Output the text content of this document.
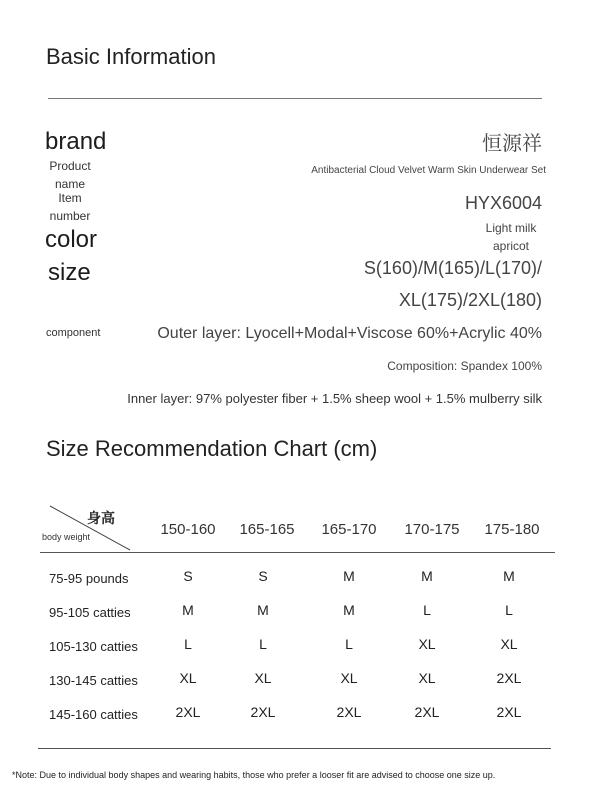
Basic Information
brand	恒源祥
Product
name
Antibacterial Cloud Velvet Warm Skin Underwear Set
Item
number
HYX6004
color	Light milk
apricot
size	S(160)/M(165)/L(170)/
XL(175)/2XL(180)
component	Outer layer: Lyocell+Modal+Viscose 60%+Acrylic 40%
Composition: Spandex 100%
Inner layer: 97% polyester fiber + 1.5% sheep wool + 1.5% mulberry silk
Size Recommendation Chart (cm)
身高
body weight	150-160	165-165	165-170	170-175	175-180
75-95 pounds	S	S	M	M	M
95-105 catties	M	M	M	L	L
105-130 catties	L	L	L	XL	XL
130-145 catties	XL	XL	XL	XL	2XL
145-160 catties	2XL	2XL	2XL	2XL	2XL
*Note: Due to individual body shapes and wearing habits, those who prefer a looser fit are advised to choose one size up.
